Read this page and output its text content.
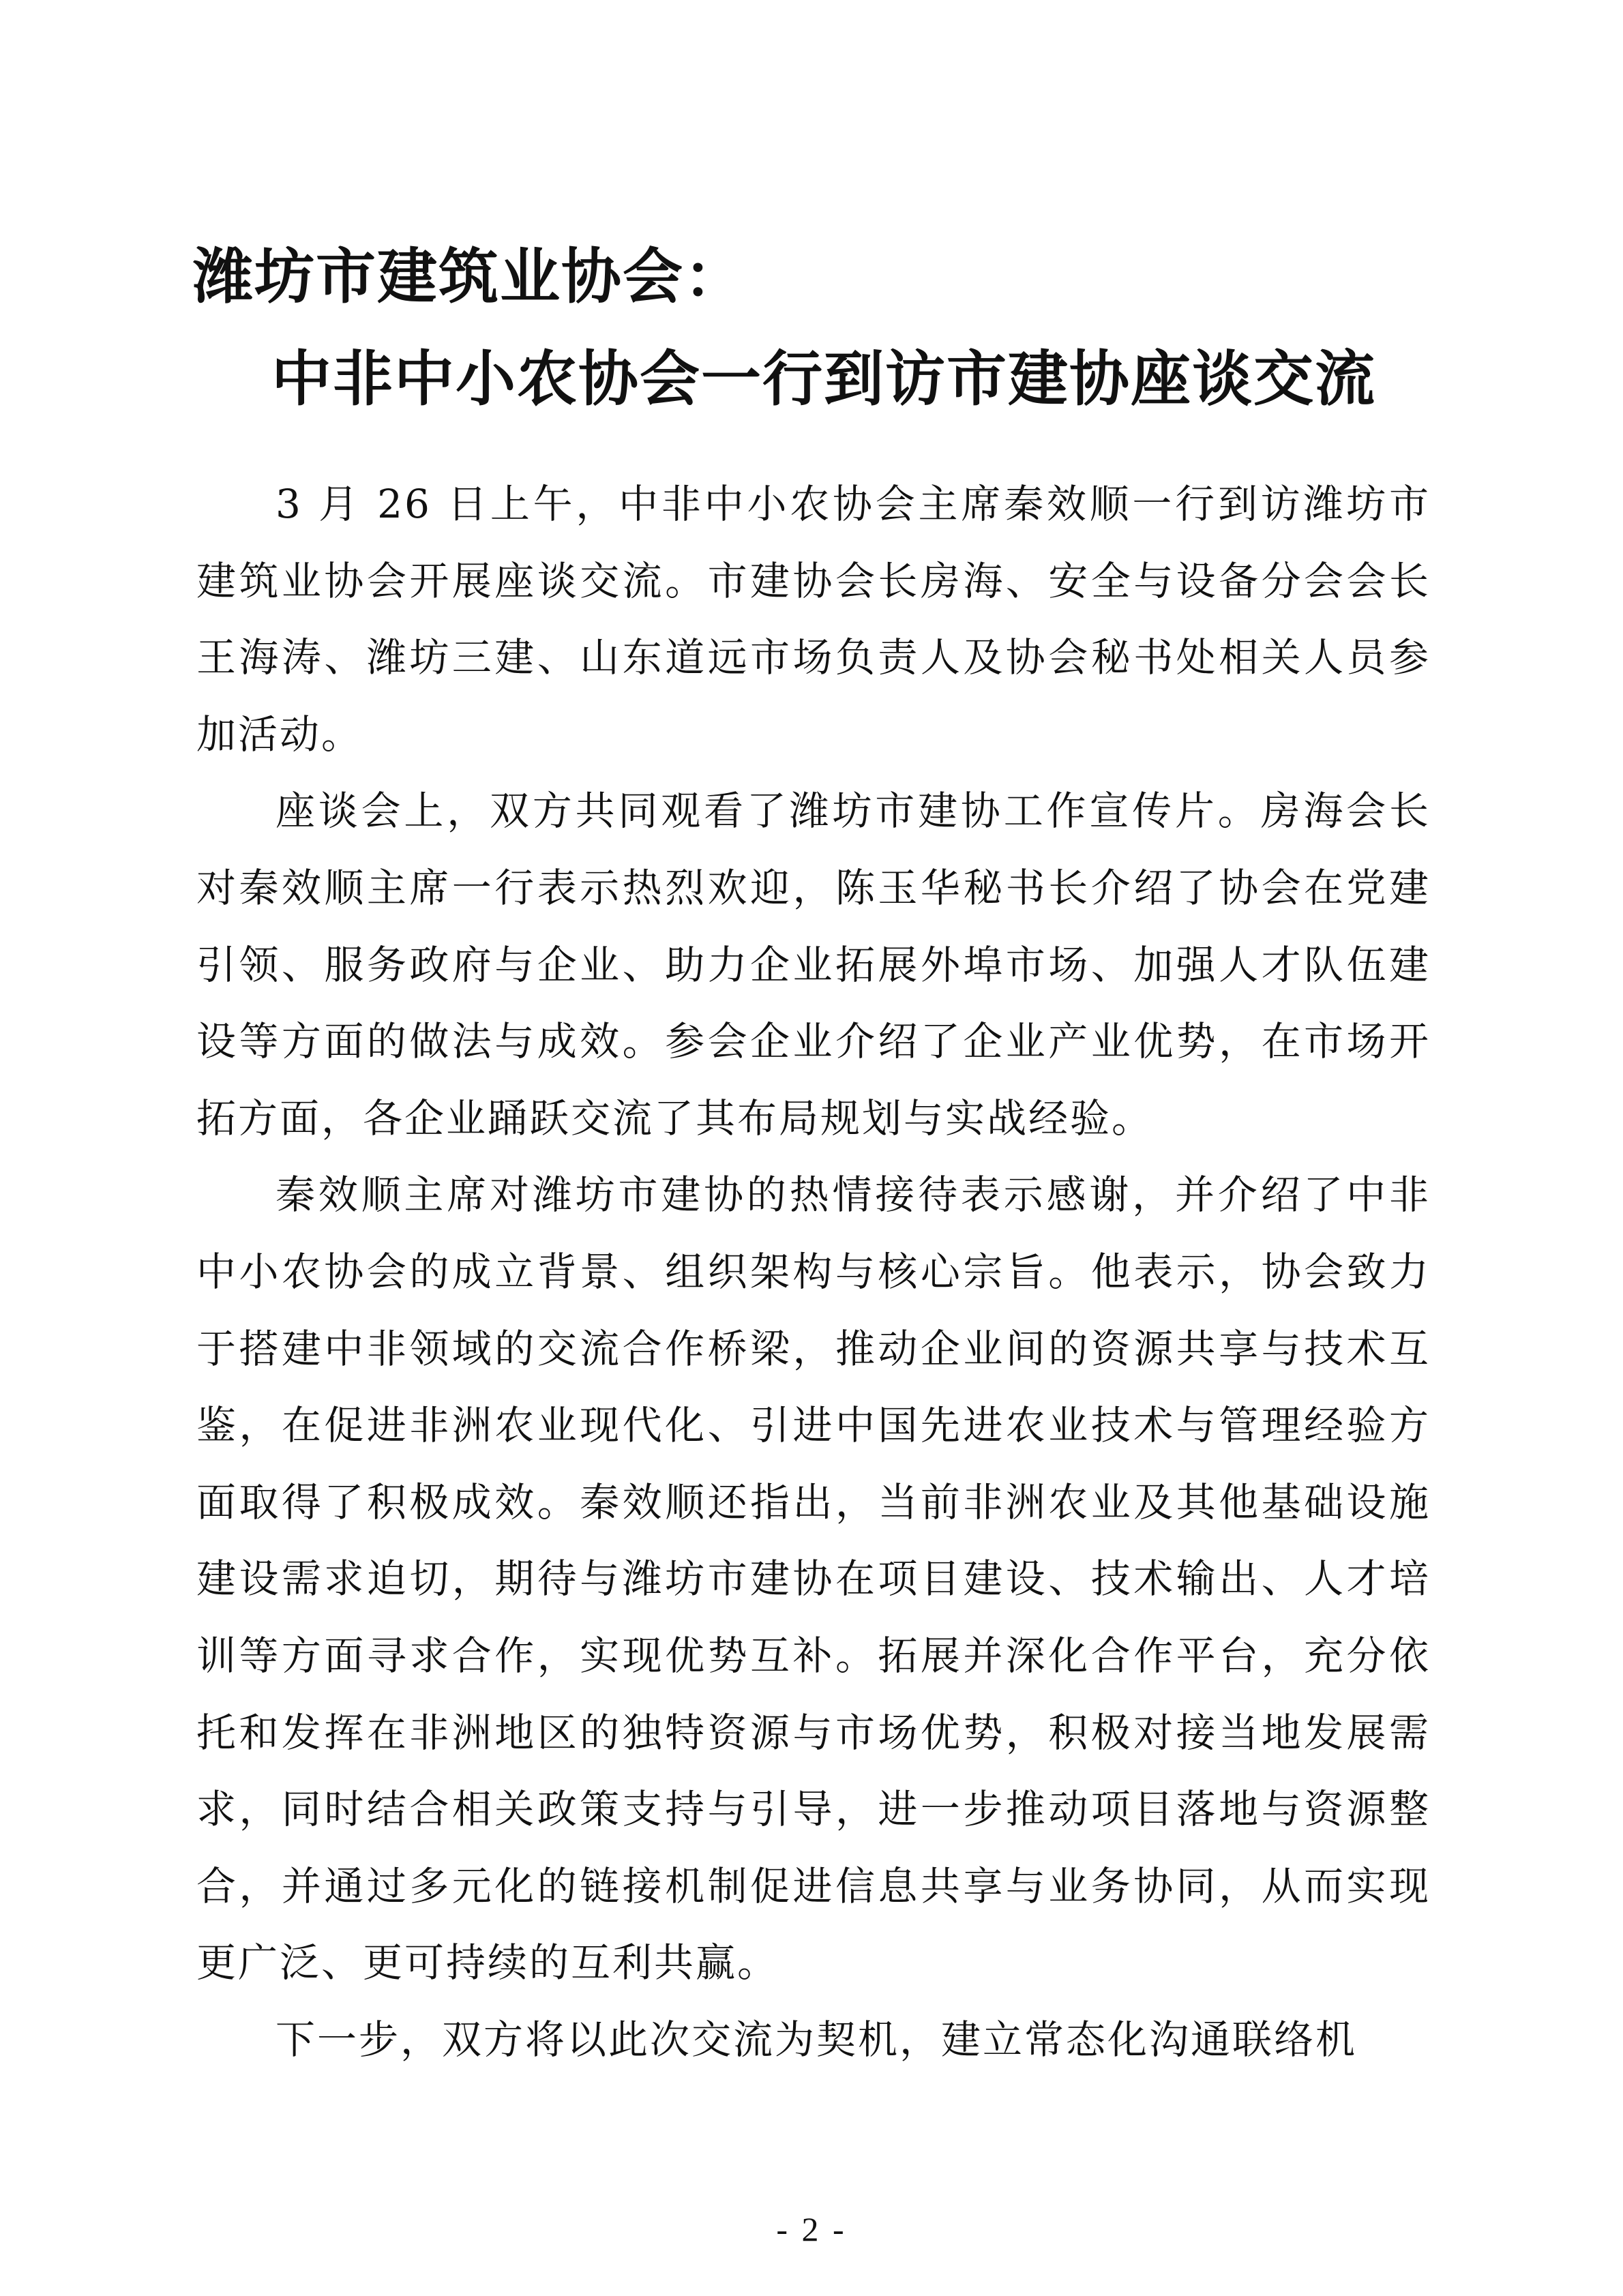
潍坊市建筑业协会：
中非中小农协会一行到访市建协座谈交流

3 月 26 日上午，中非中小农协会主席秦效顺一行到访潍坊市建筑业协会开展座谈交流。市建协会长房海、安全与设备分会会长王海涛、潍坊三建、山东道远市场负责人及协会秘书处相关人员参加活动。

座谈会上，双方共同观看了潍坊市建协工作宣传片。房海会长对秦效顺主席一行表示热烈欢迎，陈玉华秘书长介绍了协会在党建引领、服务政府与企业、助力企业拓展外埠市场、加强人才队伍建设等方面的做法与成效。参会企业介绍了企业产业优势，在市场开拓方面，各企业踊跃交流了其布局规划与实战经验。

秦效顺主席对潍坊市建协的热情接待表示感谢，并介绍了中非中小农协会的成立背景、组织架构与核心宗旨。他表示，协会致力于搭建中非领域的交流合作桥梁，推动企业间的资源共享与技术互鉴，在促进非洲农业现代化、引进中国先进农业技术与管理经验方面取得了积极成效。秦效顺还指出，当前非洲农业及其他基础设施建设需求迫切，期待与潍坊市建协在项目建设、技术输出、人才培训等方面寻求合作，实现优势互补。拓展并深化合作平台，充分依托和发挥在非洲地区的独特资源与市场优势，积极对接当地发展需求，同时结合相关政策支持与引导，进一步推动项目落地与资源整合，并通过多元化的链接机制促进信息共享与业务协同，从而实现更广泛、更可持续的互利共赢。

下一步，双方将以此次交流为契机，建立常态化沟通联络机

- 2 -
